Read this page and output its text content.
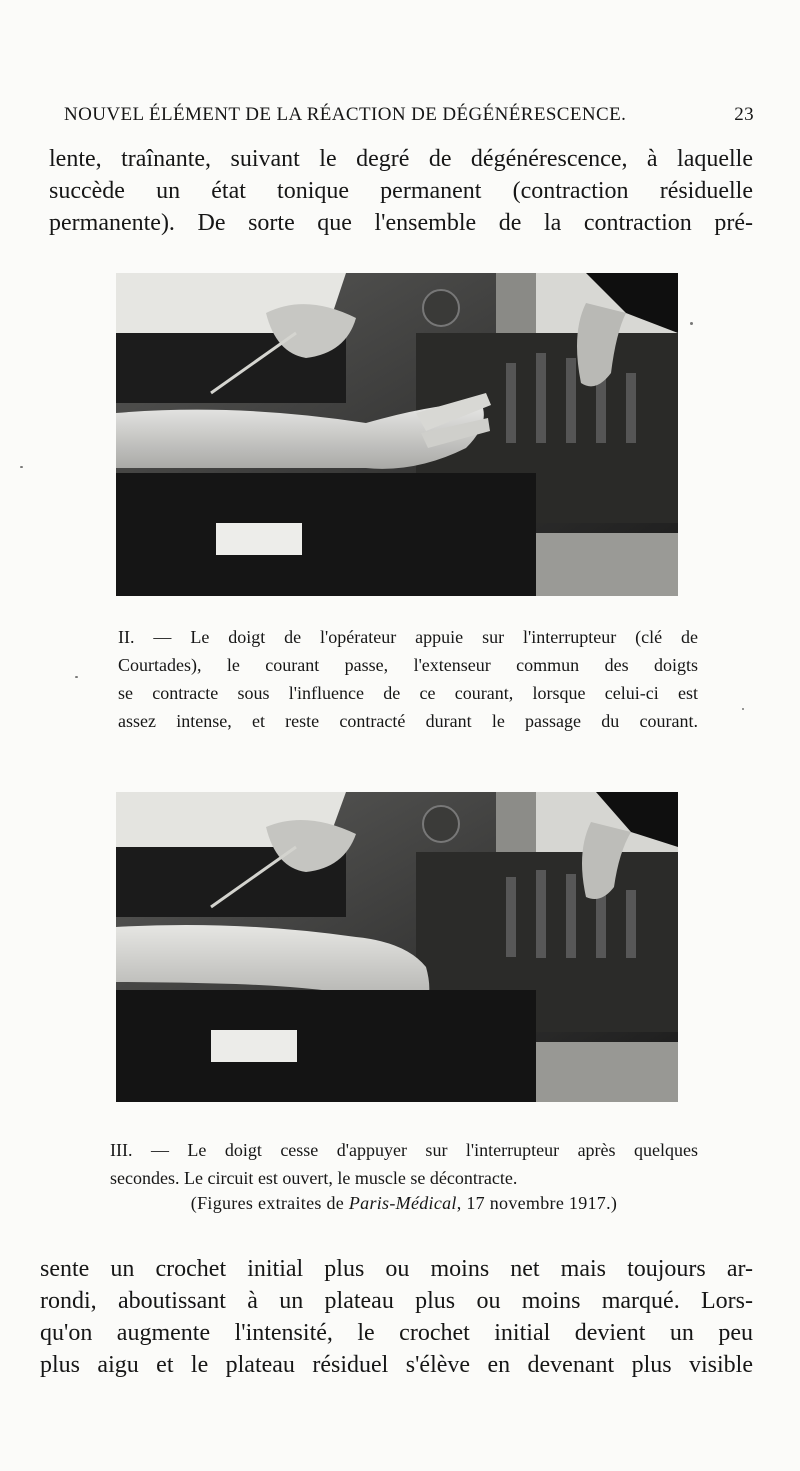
NOUVEL ÉLÉMENT DE LA RÉACTION DE DÉGÉNÉRESCENCE.	23
lente, traînante, suivant le degré de dégénérescence, à laquelle
succède un état tonique permanent (contraction résiduelle
permanente). De sorte que l'ensemble de la contraction pré-
II. — Le doigt de l'opérateur appuie sur l'interrupteur (clé de
Courtades), le courant passe, l'extenseur commun des doigts
se contracte sous l'influence de ce courant, lorsque celui-ci est
assez intense, et reste contracté durant le passage du courant.
III. — Le doigt cesse d'appuyer sur l'interrupteur après quelques
secondes. Le circuit est ouvert, le muscle se décontracte.
(Figures extraites de Paris-Médical, 17 novembre 1917.)
sente un crochet initial plus ou moins net mais toujours ar-
rondi, aboutissant à un plateau plus ou moins marqué. Lors-
qu'on augmente l'intensité, le crochet initial devient un peu
plus aigu et le plateau résiduel s'élève en devenant plus visible
